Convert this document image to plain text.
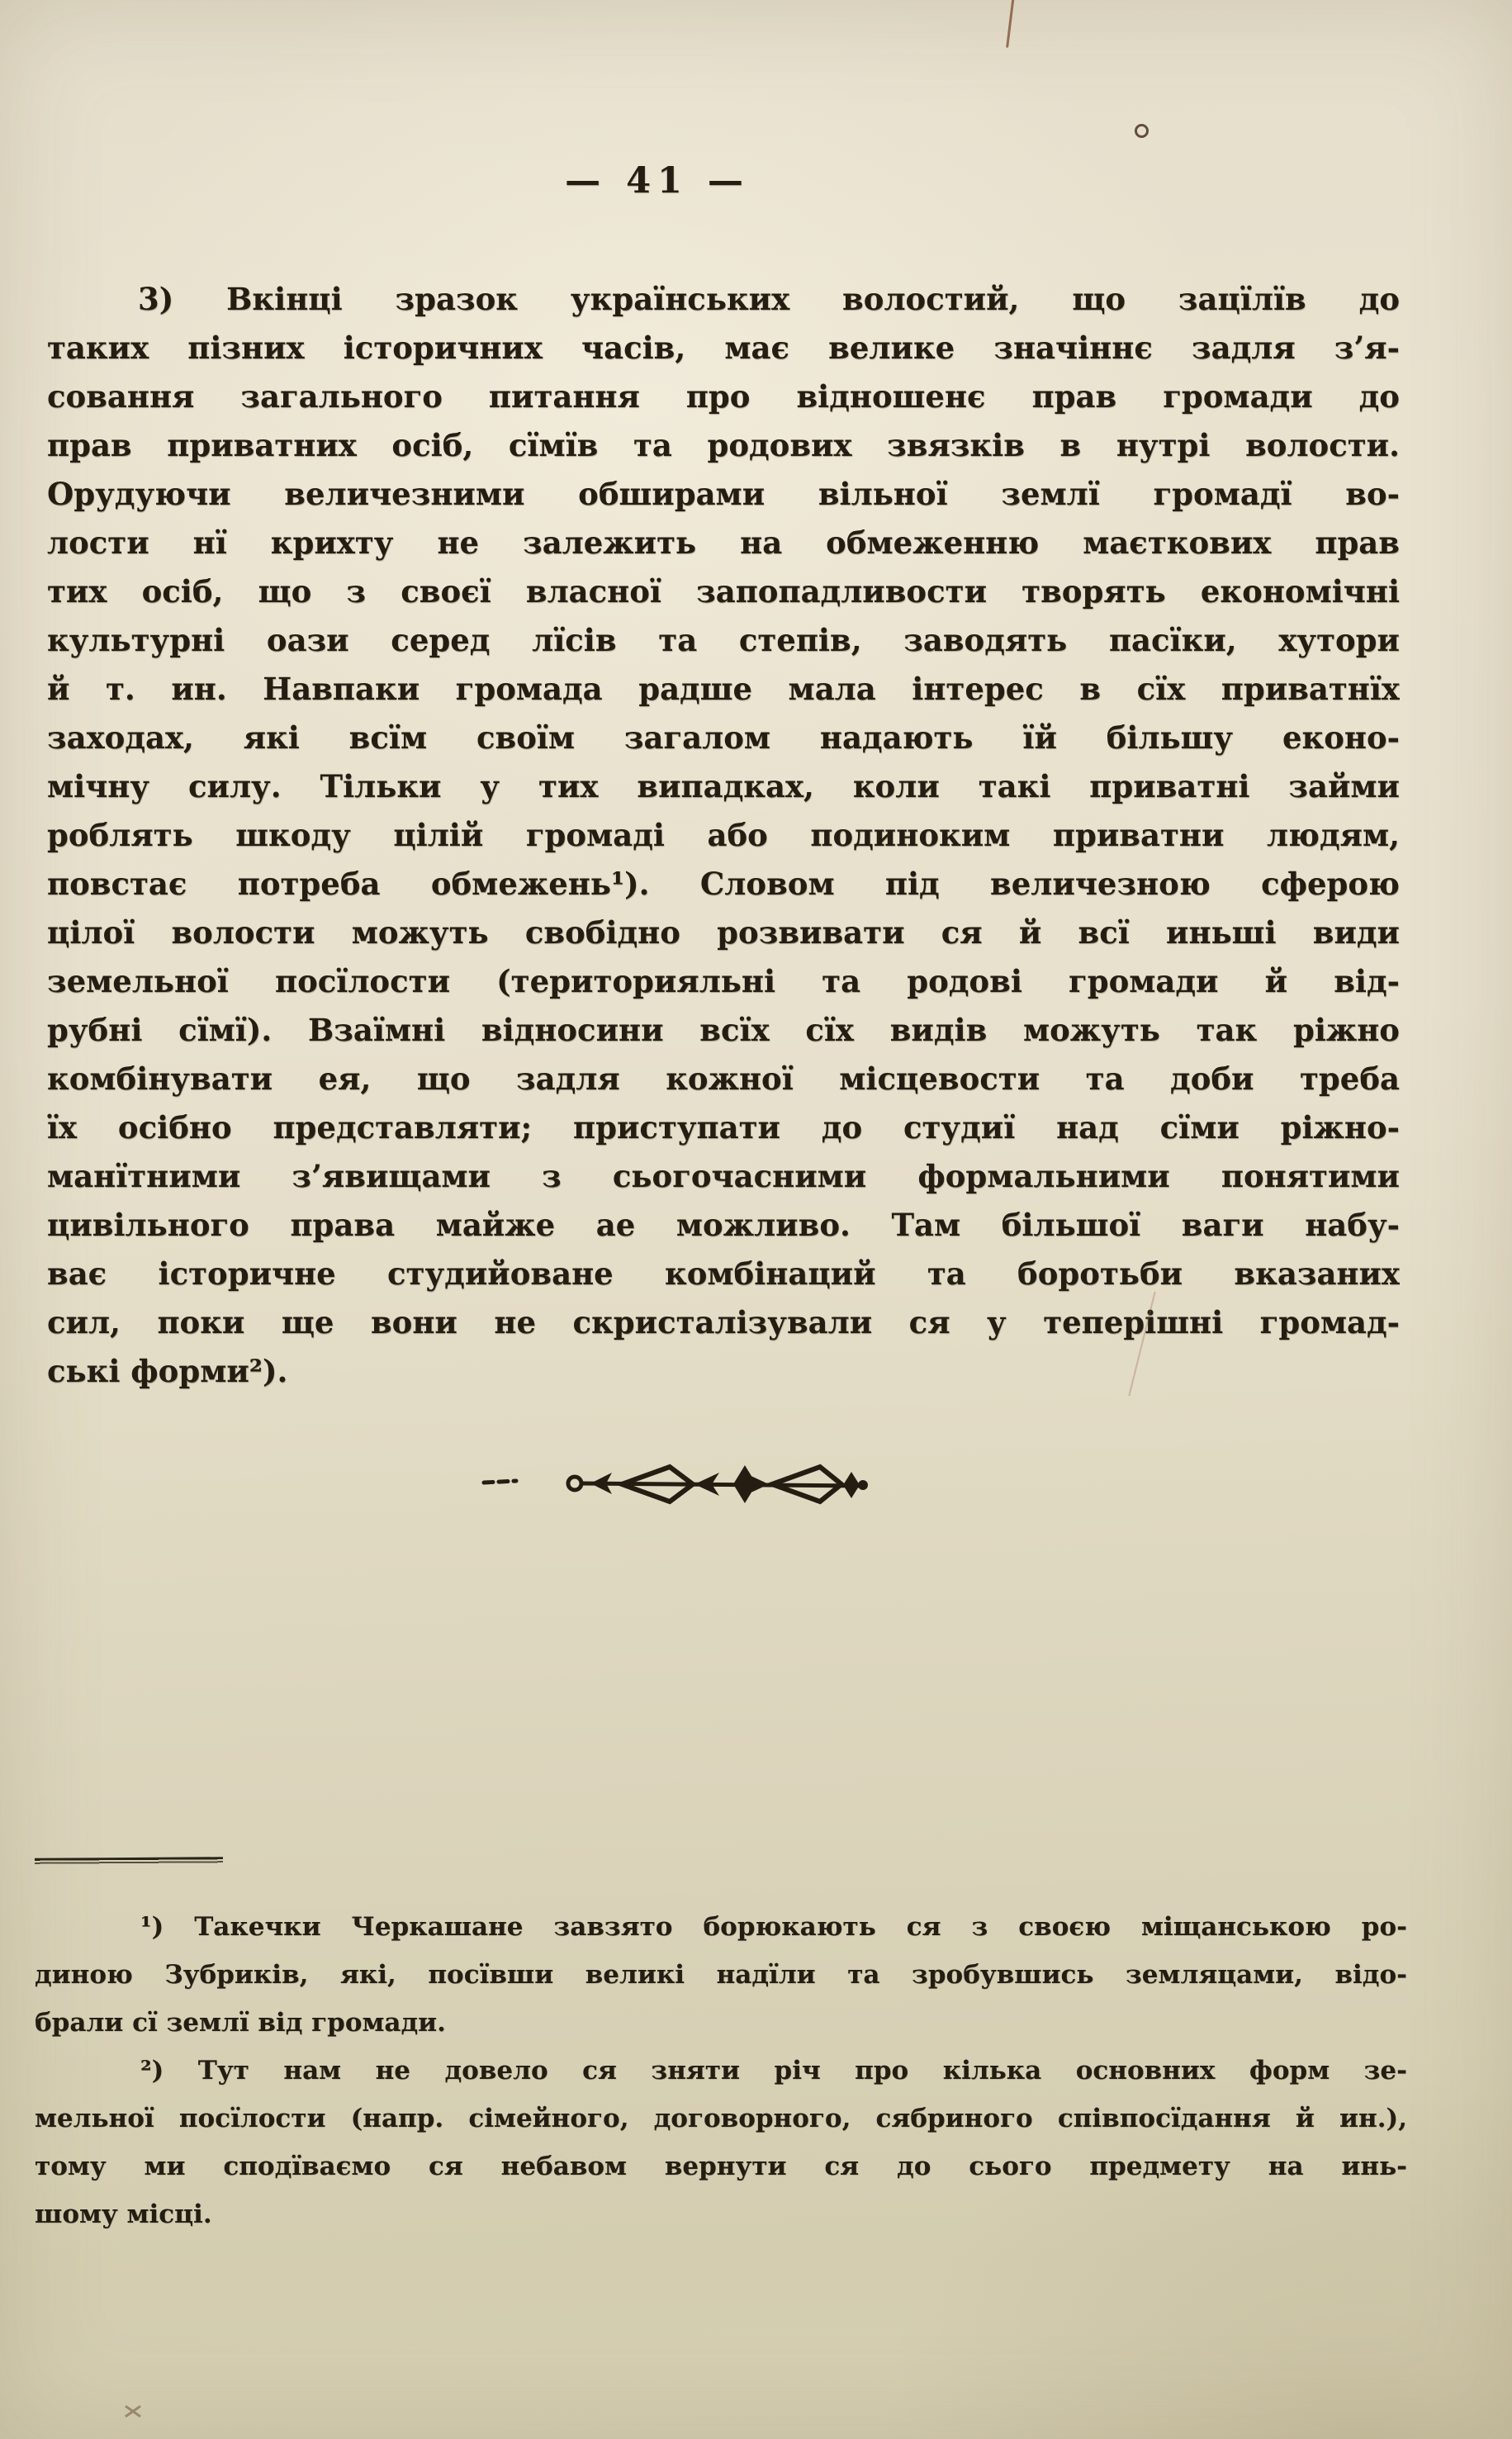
— 41 —
3) Вкінці зразок українських волостий, що зацїлїв до
таких пізних історичних часів, має велике значіннє задля з’я-
совання загального питання про відношенє прав громади до
прав приватних осіб, сїмїв та родових звязків в нутрі волости.
Орудуючи величезними обширами вільної землї громадї во-
лости нї крихту не залежить на обмеженню маєткових прав
тих осіб, що з своєї власної запопадливости творять економічні
культурні оази серед лїсів та степів, заводять пасїки, хутори
й т. ин. Навпаки громада радше мала інтерес в сїх приватнїх
заходах, які всїм своїм загалом надають їй більшу еконо-
мічну силу. Тільки у тих випадках, коли такі приватні займи
роблять шкоду цілій громаді або подиноким приватни людям,
повстає потреба обмежень¹). Словом під величезною сферою
цілої волости можуть свобідно розвивати ся й всї иньші види
земельної посїлости (територияльні та родові громади й від-
рубні сїмї). Взаїмні відносини всїх сїх видів можуть так ріжно
комбінувати ея, що задля кожної місцевости та доби треба
їх осібно представляти; приступати до студиї над сїми ріжно-
манїтними з’явищами з сьогочасними формальними понятими
цивільного права майже ае можливо. Там більшої ваги набу-
ває історичне студийоване комбінаций та боротьби вказаних
сил, поки ще вони не скристалізували ся у теперішні громад-
ські форми²).
¹) Такечки Черкашане завзято борюкають ся з своєю міщанською ро-
диною Зубриків, які, посївши великі надїли та зробувшись земляцами, відо-
брали сї землї від громади.
²) Тут нам не довело ся зняти річ про кілька основних форм зе-
мельної посїлости (напр. сімейного, договорного, сябриного співпосїдання й ин.),
тому ми сподїваємо ся небавом вернути ся до сього предмету на инь-
шому місці.
